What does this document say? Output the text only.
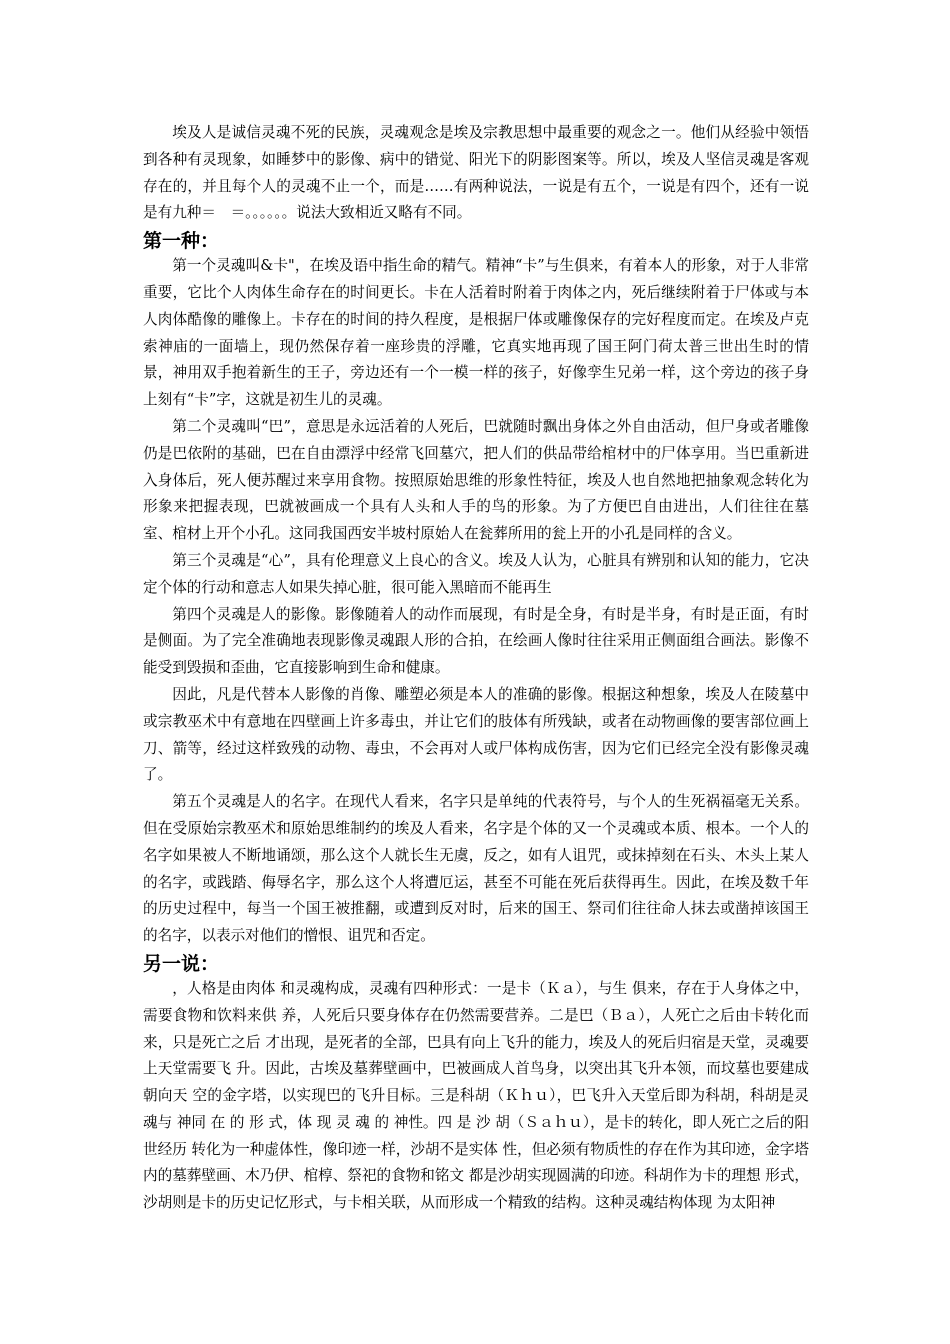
埃及人是诚信灵魂不死的民族，灵魂观念是埃及宗教思想中最重要的观念之一。他们从经验中领悟到各种有灵现象，如睡梦中的影像、病中的错觉、阳光下的阴影图案等。所以，埃及人坚信灵魂是客观存在的，并且每个人的灵魂不止一个，而是……有两种说法，一说是有五个，一说是有四个，还有一说是有九种＝　＝。。。。。。说法大致相近又略有不同。

第一种：

第一个灵魂叫&卡"，在埃及语中指生命的精气。精神“卡”与生俱来，有着本人的形象，对于人非常重要，它比个人肉体生命存在的时间更长。卡在人活着时附着于肉体之内，死后继续附着于尸体或与本人肉体酷像的雕像上。卡存在的时间的持久程度，是根据尸体或雕像保存的完好程度而定。在埃及卢克索神庙的一面墙上，现仍然保存着一座珍贵的浮雕，它真实地再现了国王阿门荷太普三世出生时的情景，神用双手抱着新生的王子，旁边还有一个一模一样的孩子，好像孪生兄弟一样，这个旁边的孩子身上刻有“卡”字，这就是初生儿的灵魂。

第二个灵魂叫“巴”，意思是永远活着的人死后，巴就随时飘出身体之外自由活动，但尸身或者雕像仍是巴依附的基础，巴在自由漂浮中经常飞回墓穴，把人们的供品带给棺材中的尸体享用。当巴重新进入身体后，死人便苏醒过来享用食物。按照原始思维的形象性特征，埃及人也自然地把抽象观念转化为形象来把握表现，巴就被画成一个具有人头和人手的鸟的形象。为了方便巴自由进出，人们往往在墓室、棺材上开个小孔。这同我国西安半坡村原始人在瓮葬所用的瓮上开的小孔是同样的含义。

第三个灵魂是“心”，具有伦理意义上良心的含义。埃及人认为，心脏具有辨别和认知的能力，它决定个体的行动和意志人如果失掉心脏，很可能入黑暗而不能再生

第四个灵魂是人的影像。影像随着人的动作而展现，有时是全身，有时是半身，有时是正面，有时是侧面。为了完全准确地表现影像灵魂跟人形的合拍，在绘画人像时往往采用正侧面组合画法。影像不能受到毁损和歪曲，它直接影响到生命和健康。

因此，凡是代替本人影像的肖像、雕塑必须是本人的准确的影像。根据这种想象，埃及人在陵墓中或宗教巫术中有意地在四壁画上许多毒虫，并让它们的肢体有所残缺，或者在动物画像的要害部位画上刀、箭等，经过这样致残的动物、毒虫，不会再对人或尸体构成伤害，因为它们已经完全没有影像灵魂了。

第五个灵魂是人的名字。在现代人看来，名字只是单纯的代表符号，与个人的生死祸福毫无关系。但在受原始宗教巫术和原始思维制约的埃及人看来，名字是个体的又一个灵魂或本质、根本。一个人的名字如果被人不断地诵颂，那么这个人就长生无虞，反之，如有人诅咒，或抹掉刻在石头、木头上某人的名字，或践踏、侮辱名字，那么这个人将遭厄运，甚至不可能在死后获得再生。因此，在埃及数千年的历史过程中，每当一个国王被推翻，或遭到反对时，后来的国王、祭司们往往命人抹去或凿掉该国王的名字，以表示对他们的憎恨、诅咒和否定。

另一说：

，人格是由肉体 和灵魂构成，灵魂有四种形式：一是卡（Ｋａ），与生 俱来，存在于人身体之中，需要食物和饮料来供 养，人死后只要身体存在仍然需要营养。二是巴（Ｂａ），人死亡之后由卡转化而来，只是死亡之后 才出现，是死者的全部，巴具有向上飞升的能力，埃及人的死后归宿是天堂，灵魂要上天堂需要飞 升。因此，古埃及墓葬壁画中，巴被画成人首鸟身，以突出其飞升本领，而坟墓也要建成朝向天 空的金字塔，以实现巴的飞升目标。三是科胡（Ｋｈｕ），巴飞升入天堂后即为科胡，科胡是灵魂与 神同 在 的 形 式，体 现 灵 魂 的 神性。四 是 沙 胡（Ｓａｈｕ），是卡的转化，即人死亡之后的阳世经历 转化为一种虚体性，像印迹一样，沙胡不是实体 性，但必须有物质性的存在作为其印迹，金字塔 内的墓葬壁画、木乃伊、棺椁、祭祀的食物和铭文 都是沙胡实现圆满的印迹。科胡作为卡的理想 形式，沙胡则是卡的历史记忆形式，与卡相关联，从而形成一个精致的结构。这种灵魂结构体现 为太阳神
